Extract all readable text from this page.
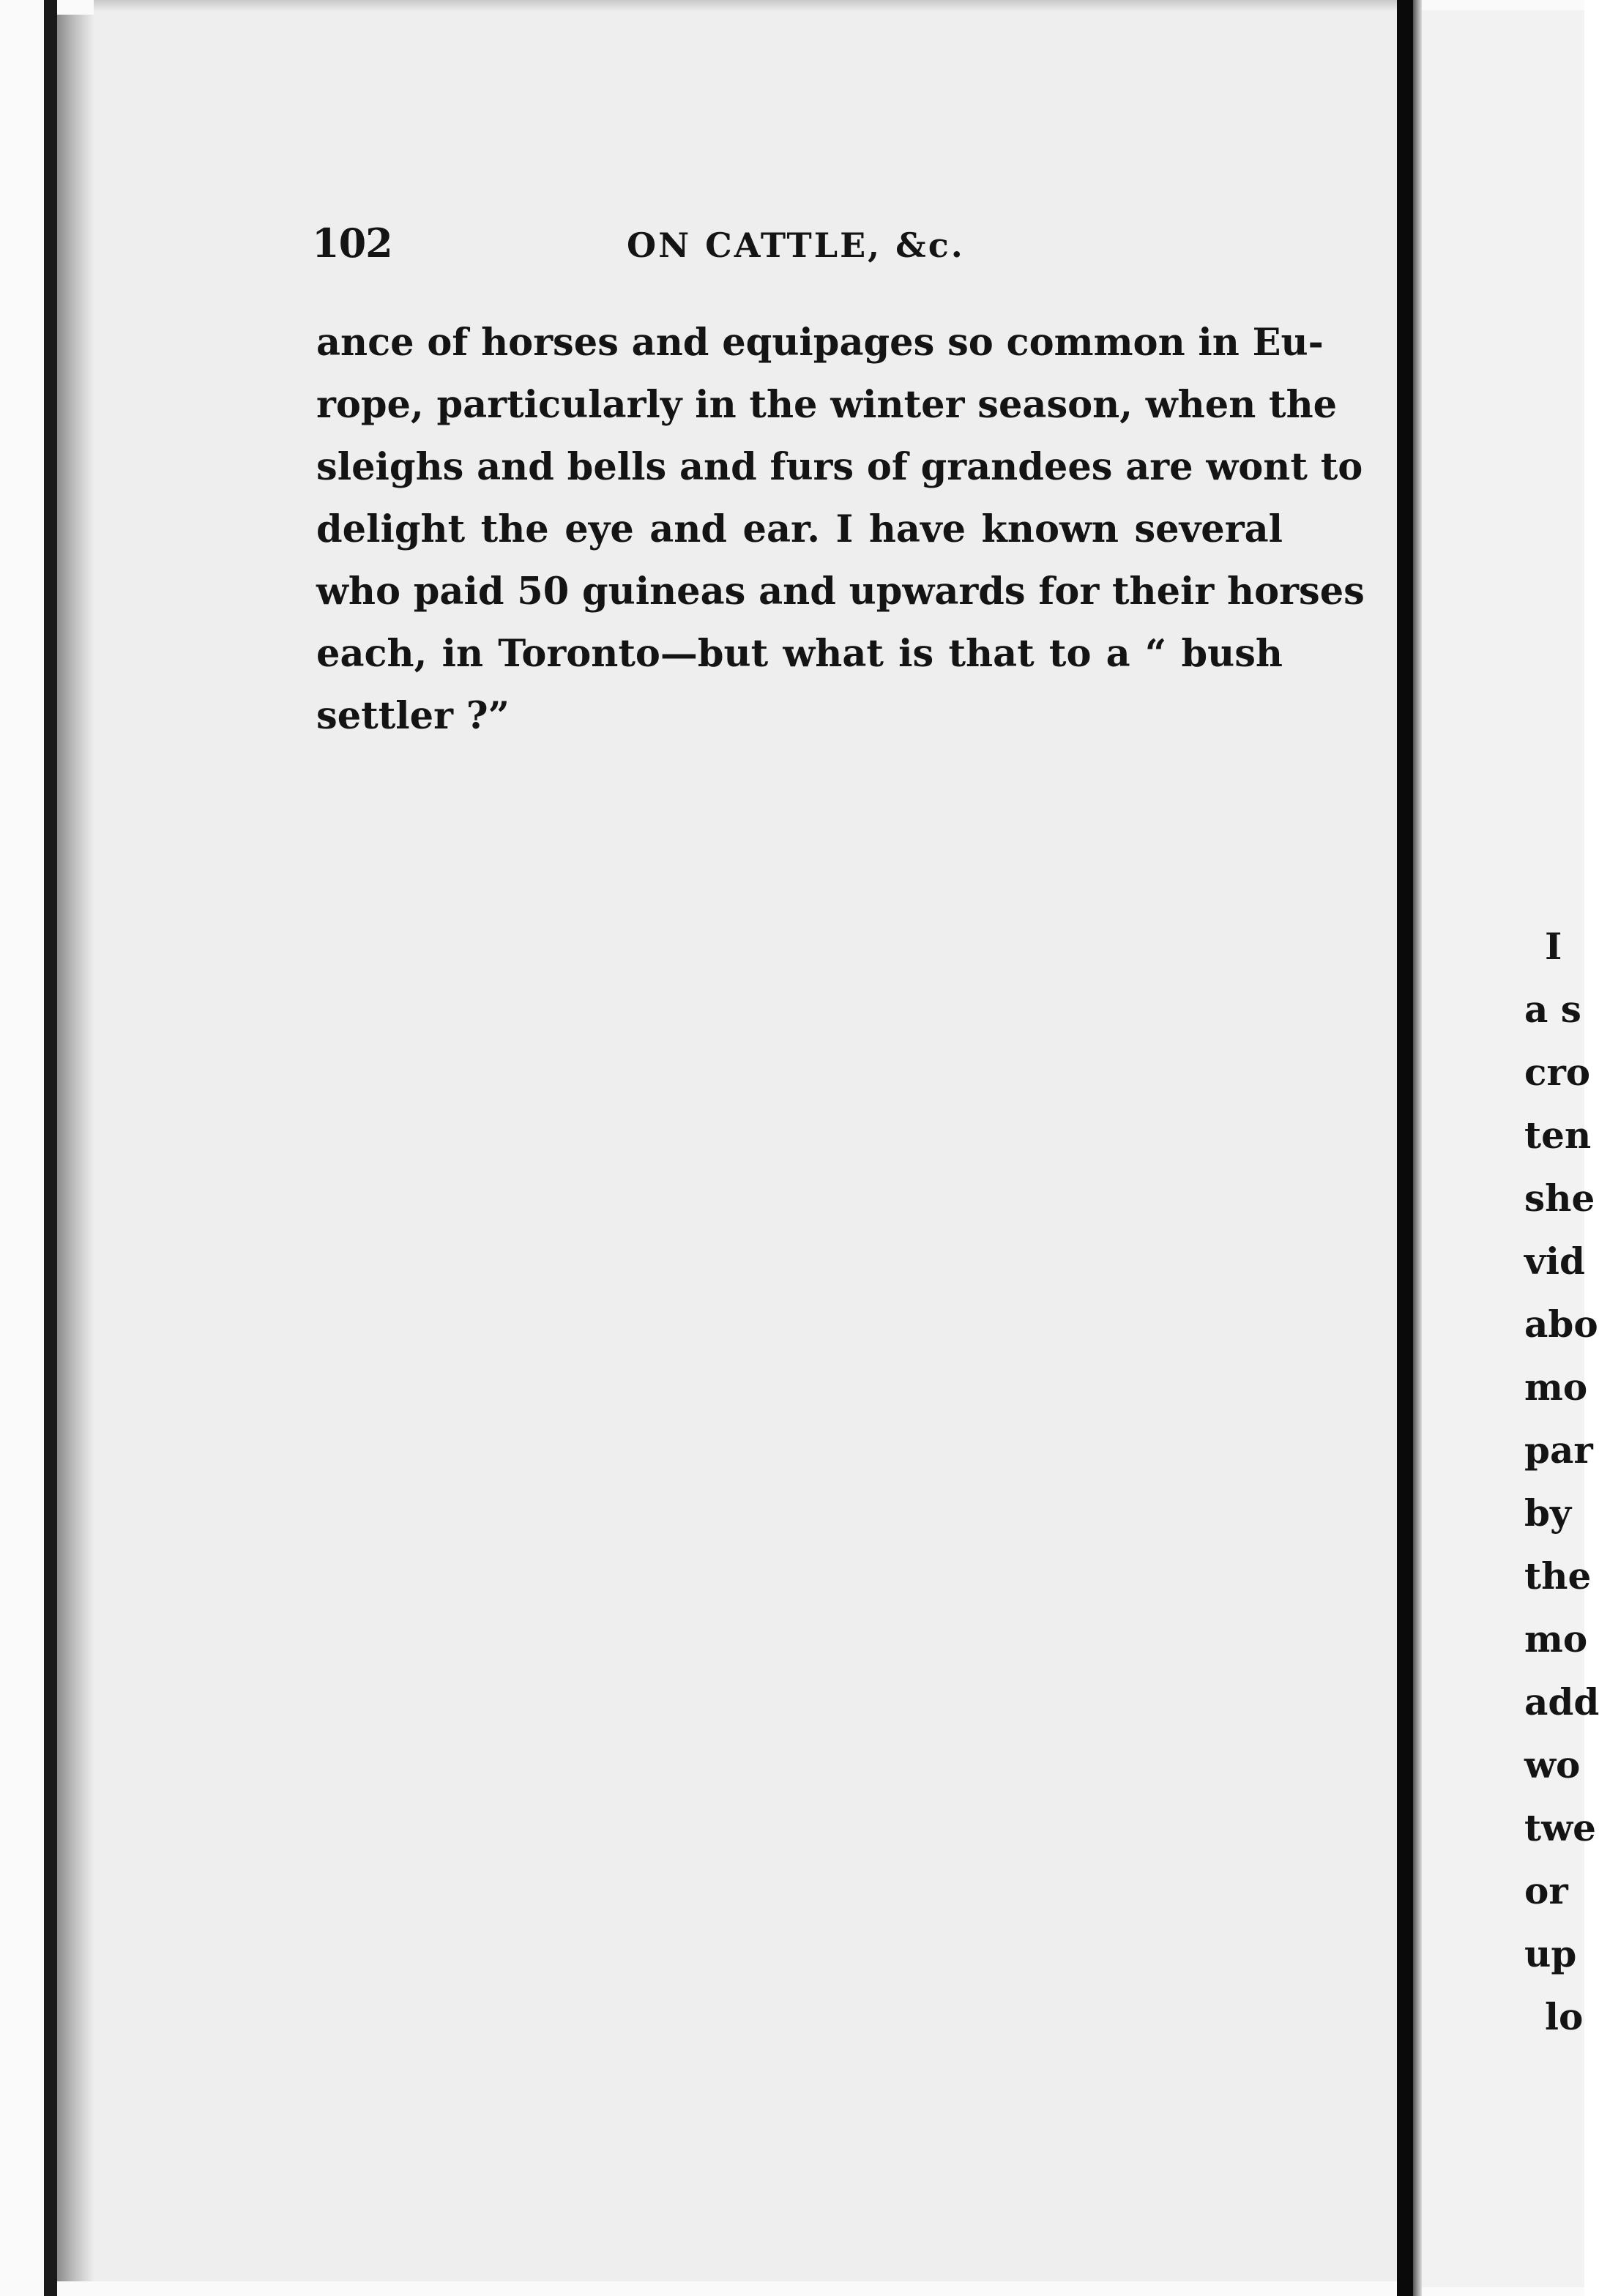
102	ON CATTLE, &c.
ance of horses and equipages so common in Eu-
rope, particularly in the winter season, when the
sleighs and bells and furs of grandees are wont to
delight the eye and ear. I have known several
who paid 50 guineas and upwards for their horses
each, in Toronto—but what is that to a “ bush
settler ?”
I
a s
cro
ten
she
vid
abo
mo
par
by
the
mo
add
wo
twe
or
up
lo
